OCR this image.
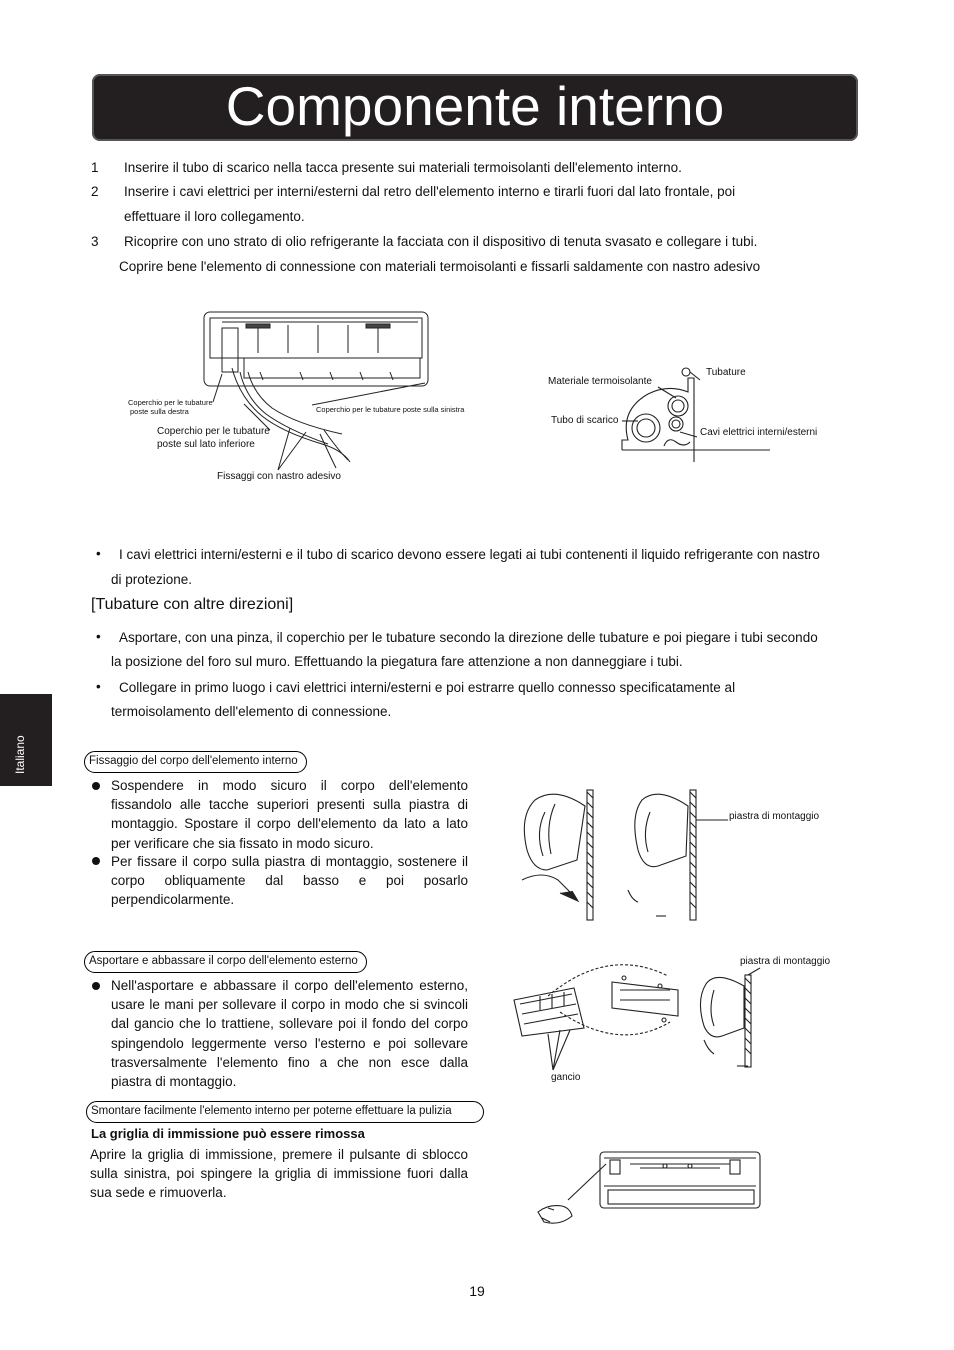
Componente interno
1	Inserire il tubo di scarico nella tacca presente sui materiali termoisolanti dell'elemento interno.
2	Inserire i cavi elettrici per interni/esterni dal retro dell'elemento interno e tirarli fuori dal lato frontale, poi
effettuare il loro collegamento.
3	Ricoprire con uno strato di olio refrigerante la facciata con il dispositivo di tenuta svasato e collegare i tubi.
Coprire bene l'elemento di connessione con materiali termoisolanti e fissarli saldamente con nastro adesivo
Coperchio per le tubature
poste sulla destra	Coperchio per le tubature poste sulla sinistra
Coperchio per le tubature
poste sul lato inferiore
Fissaggi con nastro adesivo
Materiale termoisolante
Tubature
Tubo di scarico
Cavi elettrici interni/esterni
• I cavi elettrici interni/esterni e il tubo di scarico devono essere legati ai tubi contenenti il liquido refrigerante con nastro
di protezione.
[Tubature con altre direzioni]
• Asportare, con una pinza, il coperchio per le tubature secondo la direzione delle tubature e poi piegare i tubi secondo
la posizione del foro sul muro. Effettuando la piegatura fare attenzione a non danneggiare i tubi.
• Collegare in primo luogo i cavi elettrici interni/esterni e poi estrarre quello connesso specificatamente al
termoisolamento dell'elemento di connessione.
Italiano	Fissaggio del corpo dell'elemento interno
Sospendere in modo sicuro il corpo dell'elemento fissandolo alle tacche superiori presenti sulla piastra di montaggio. Spostare il corpo dell'elemento da lato a lato per verificare che sia fissato in modo sicuro.
Per fissare il corpo sulla piastra di montaggio, sostenere il corpo obliquamente dal basso e poi posarlo perpendicolarmente.
piastra di montaggio
Asportare e abbassare il corpo dell'elemento esterno
Nell'asportare e abbassare il corpo dell'elemento esterno, usare le mani per sollevare il corpo in modo che si svincoli dal gancio che lo trattiene, sollevare poi il fondo del corpo spingendolo leggermente verso l'esterno e poi sollevare trasversalmente l'elemento fino a che non esce dalla piastra di montaggio.
piastra di montaggio
gancio
Smontare facilmente l'elemento interno per poterne effettuare la pulizia
La griglia di immissione può essere rimossa
Aprire la griglia di immissione, premere il pulsante di sblocco sulla sinistra, poi spingere la griglia di immissione fuori dalla sua sede e rimuoverla.
19
